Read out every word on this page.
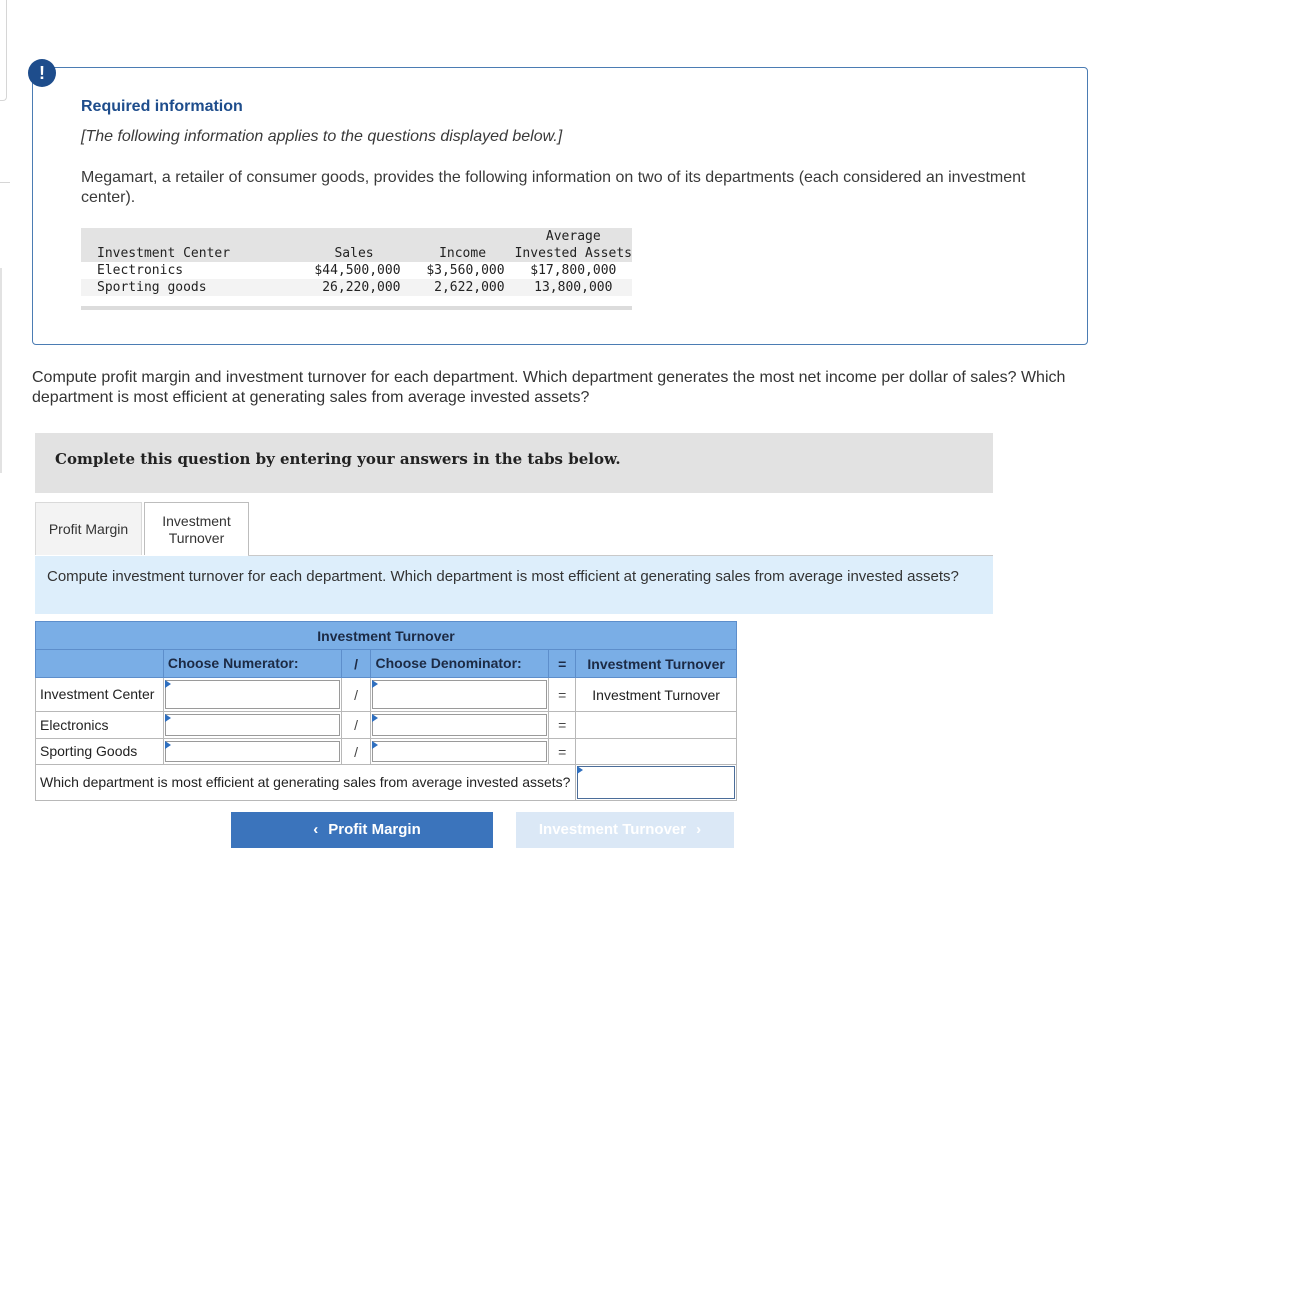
!
Required information
[The following information applies to the questions displayed below.]
Megamart, a retailer of consumer goods, provides the following information on two of its departments (each considered an investment center).
			Average
Investment Center	Sales	Income	Invested Assets
Electronics	$44,500,000	$3,560,000	$17,800,000
Sporting goods	26,220,000	2,622,000	13,800,000
Compute profit margin and investment turnover for each department. Which department generates the most net income per dollar of sales? Which department is most efficient at generating sales from average invested assets?
Complete this question by entering your answers in the tabs below.
Profit Margin	Investment
Turnover
Compute investment turnover for each department. Which department is most efficient at generating sales from average invested assets?
Investment Turnover					
	Choose Numerator:	/	Choose Denominator:	=	Investment Turnover
Investment Center		/		=	Investment Turnover
Electronics		/		=	
Sporting Goods		/		=	
Which department is most efficient at generating sales from average invested assets?					
‹ Profit Margin	Investment Turnover ›
